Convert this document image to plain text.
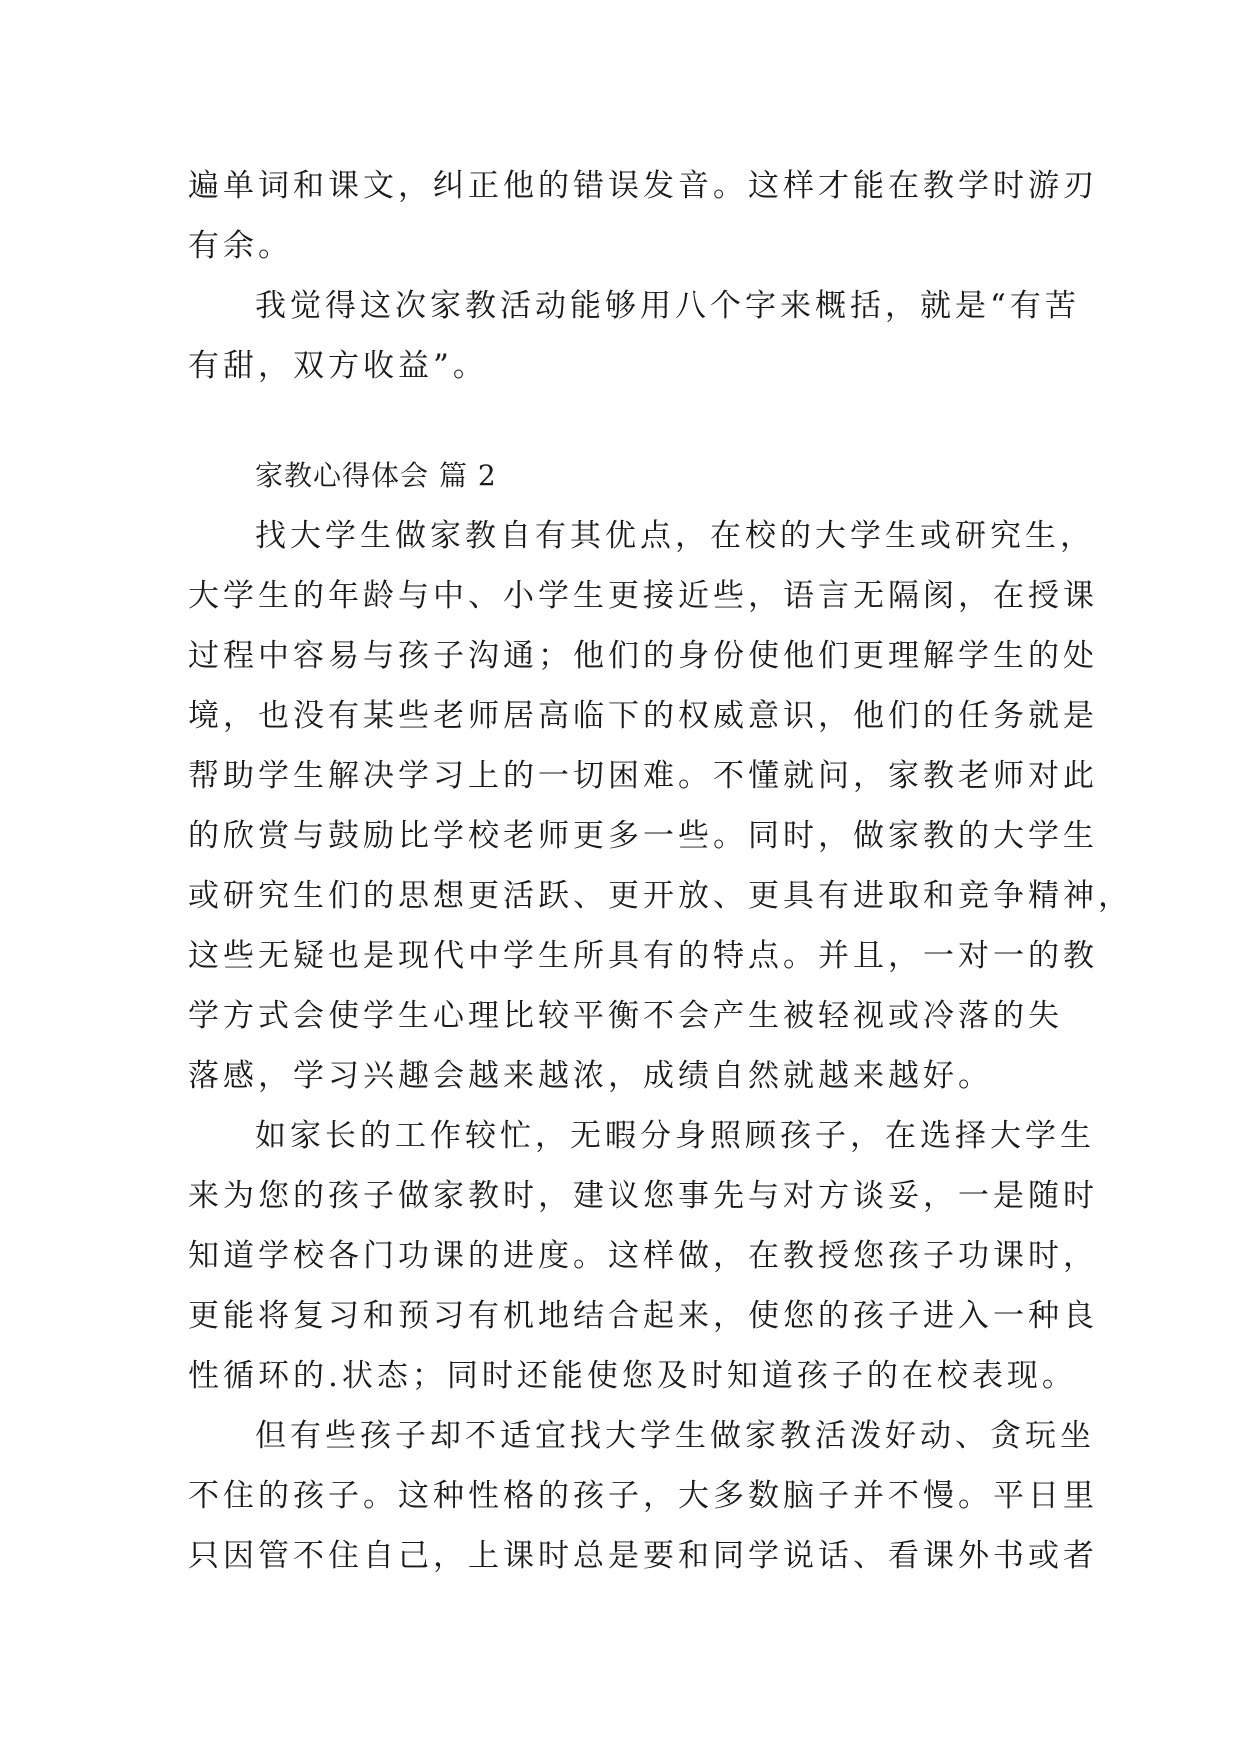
遍单词和课文，纠正他的错误发音。这样才能在教学时游刃
有余。
我觉得这次家教活动能够用八个字来概括，就是“有苦
有甜，双方收益”。
家教心得体会 篇 2
找大学生做家教自有其优点，在校的大学生或研究生，
大学生的年龄与中、小学生更接近些，语言无隔阂，在授课
过程中容易与孩子沟通；他们的身份使他们更理解学生的处
境，也没有某些老师居高临下的权威意识，他们的任务就是
帮助学生解决学习上的一切困难。不懂就问，家教老师对此
的欣赏与鼓励比学校老师更多一些。同时，做家教的大学生
或研究生们的思想更活跃、更开放、更具有进取和竞争精神，
这些无疑也是现代中学生所具有的特点。并且，一对一的教
学方式会使学生心理比较平衡不会产生被轻视或冷落的失
落感，学习兴趣会越来越浓，成绩自然就越来越好。
如家长的工作较忙，无暇分身照顾孩子，在选择大学生
来为您的孩子做家教时，建议您事先与对方谈妥，一是随时
知道学校各门功课的进度。这样做，在教授您孩子功课时，
更能将复习和预习有机地结合起来，使您的孩子进入一种良
性循环的.状态；同时还能使您及时知道孩子的在校表现。
但有些孩子却不适宜找大学生做家教活泼好动、贪玩坐
不住的孩子。这种性格的孩子，大多数脑子并不慢。平日里
只因管不住自己，上课时总是要和同学说话、看课外书或者
